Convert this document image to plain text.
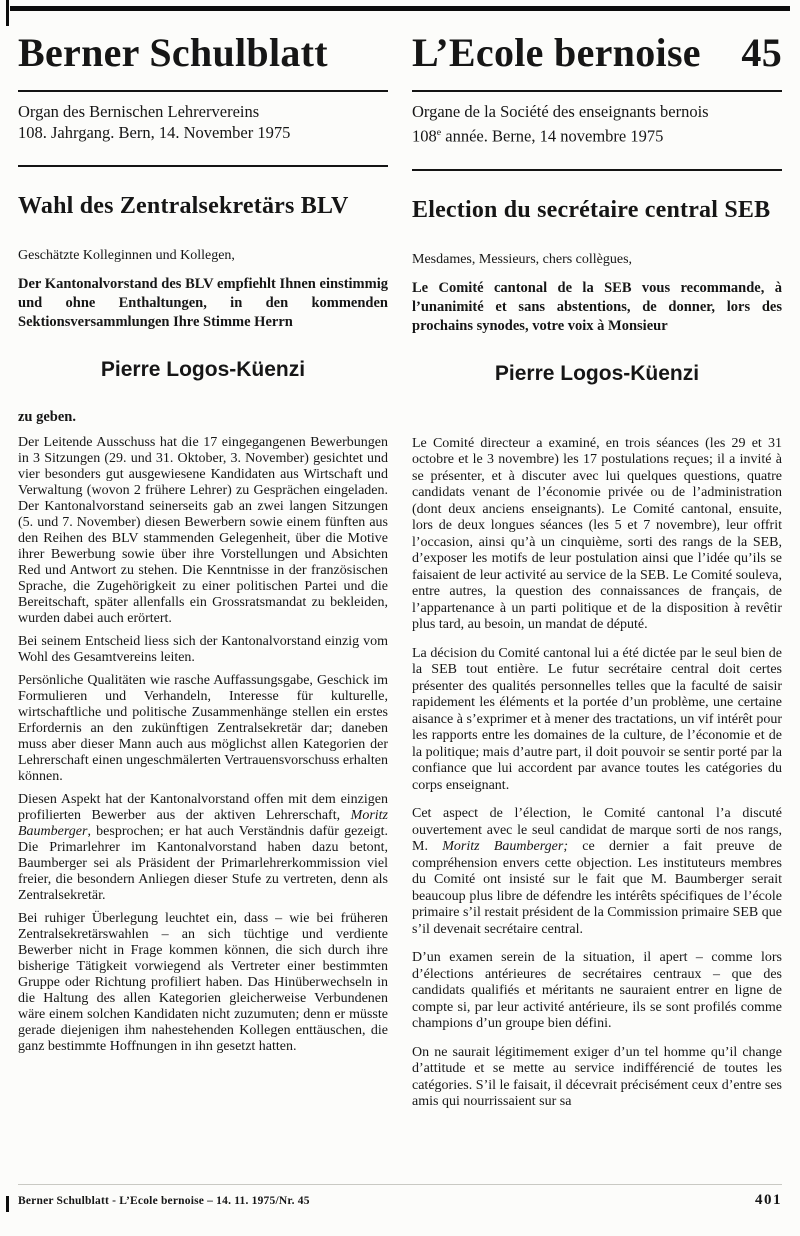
Berner Schulblatt

Organ des Bernischen Lehrervereins

108. Jahrgang. Bern, 14. November 1975

Wahl des Zentralsekretärs BLV

Geschätzte Kolleginnen und Kollegen,

Der Kantonalvorstand des BLV empfiehlt Ihnen einstimmig und ohne Enthaltungen, in den kommenden Sektionsversammlungen Ihre Stimme Herrn

Pierre Logos-Küenzi

zu geben.

Der Leitende Ausschuss hat die 17 eingegangenen Bewerbungen in 3 Sitzungen (29. und 31. Oktober, 3. November) gesichtet und vier besonders gut ausgewiesene Kandidaten aus Wirtschaft und Verwaltung (wovon 2 frühere Lehrer) zu Gesprächen eingeladen. Der Kantonalvorstand seinerseits gab an zwei langen Sitzungen (5. und 7. November) diesen Bewerbern sowie einem fünften aus den Reihen des BLV stammenden Gelegenheit, über die Motive ihrer Bewerbung sowie über ihre Vorstellungen und Absichten Red und Antwort zu stehen. Die Kenntnisse in der französischen Sprache, die Zugehörigkeit zu einer politischen Partei und die Bereitschaft, später allenfalls ein Grossratsmandat zu bekleiden, wurden dabei auch erörtert.

Bei seinem Entscheid liess sich der Kantonalvorstand einzig vom Wohl des Gesamtvereins leiten.

Persönliche Qualitäten wie rasche Auffassungsgabe, Geschick im Formulieren und Verhandeln, Interesse für kulturelle, wirtschaftliche und politische Zusammenhänge stellen ein erstes Erfordernis an den zukünftigen Zentralsekretär dar; daneben muss aber dieser Mann auch aus möglichst allen Kategorien der Lehrerschaft einen ungeschmälerten Vertrauensvorschuss erhalten können.

Diesen Aspekt hat der Kantonalvorstand offen mit dem einzigen profilierten Bewerber aus der aktiven Lehrerschaft, Moritz Baumberger, besprochen; er hat auch Verständnis dafür gezeigt. Die Primarlehrer im Kantonalvorstand haben dazu betont, Baumberger sei als Präsident der Primarlehrerkommission viel freier, die besondern Anliegen dieser Stufe zu vertreten, denn als Zentralsekretär.

Bei ruhiger Überlegung leuchtet ein, dass – wie bei früheren Zentralsekretärswahlen – an sich tüchtige und verdiente Bewerber nicht in Frage kommen können, die sich durch ihre bisherige Tätigkeit vorwiegend als Vertreter einer bestimmten Gruppe oder Richtung profiliert haben. Das Hinüberwechseln in die Haltung des allen Kategorien gleicherweise Verbundenen wäre einem solchen Kandidaten nicht zuzumuten; denn er müsste gerade diejenigen ihm nahestehenden Kollegen enttäuschen, die ganz bestimmte Hoffnungen in ihn gesetzt hatten.

L’Ecole bernoise 45

Organe de la Société des enseignants bernois

108e année. Berne, 14 novembre 1975

Election du secrétaire central SEB

Mesdames, Messieurs, chers collègues,

Le Comité cantonal de la SEB vous recommande, à l’unanimité et sans abstentions, de donner, lors des prochains synodes, votre voix à Monsieur

Pierre Logos-Küenzi

Le Comité directeur a examiné, en trois séances (les 29 et 31 octobre et le 3 novembre) les 17 postulations reçues; il a invité à se présenter, et à discuter avec lui quelques questions, quatre candidats venant de l’économie privée ou de l’administration (dont deux anciens enseignants). Le Comité cantonal, ensuite, lors de deux longues séances (les 5 et 7 novembre), leur offrit l’occasion, ainsi qu’à un cinquième, sorti des rangs de la SEB, d’exposer les motifs de leur postulation ainsi que l’idée qu’ils se faisaient de leur activité au service de la SEB. Le Comité souleva, entre autres, la question des connaissances de français, de l’appartenance à un parti politique et de la disposition à revêtir plus tard, au besoin, un mandat de député.

La décision du Comité cantonal lui a été dictée par le seul bien de la SEB tout entière. Le futur secrétaire central doit certes présenter des qualités personnelles telles que la faculté de saisir rapidement les éléments et la portée d’un problème, une certaine aisance à s’exprimer et à mener des tractations, un vif intérêt pour les rapports entre les domaines de la culture, de l’économie et de la politique; mais d’autre part, il doit pouvoir se sentir porté par la confiance que lui accordent par avance toutes les catégories du corps enseignant.

Cet aspect de l’élection, le Comité cantonal l’a discuté ouvertement avec le seul candidat de marque sorti de nos rangs, M. Moritz Baumberger; ce dernier a fait preuve de compréhension envers cette objection. Les instituteurs membres du Comité ont insisté sur le fait que M. Baumberger serait beaucoup plus libre de défendre les intérêts spécifiques de l’école primaire s’il restait président de la Commission primaire SEB que s’il devenait secrétaire central.

D’un examen serein de la situation, il apert – comme lors d’élections antérieures de secrétaires centraux – que des candidats qualifiés et méritants ne sauraient entrer en ligne de compte si, par leur activité antérieure, ils se sont profilés comme champions d’un groupe bien défini.

On ne saurait légitimement exiger d’un tel homme qu’il change d’attitude et se mette au service indifférencié de toutes les catégories. S’il le faisait, il décevrait précisément ceux d’entre ses amis qui nourrissaient sur sa

Berner Schulblatt - L’Ecole bernoise – 14. 11. 1975/Nr. 45	401
